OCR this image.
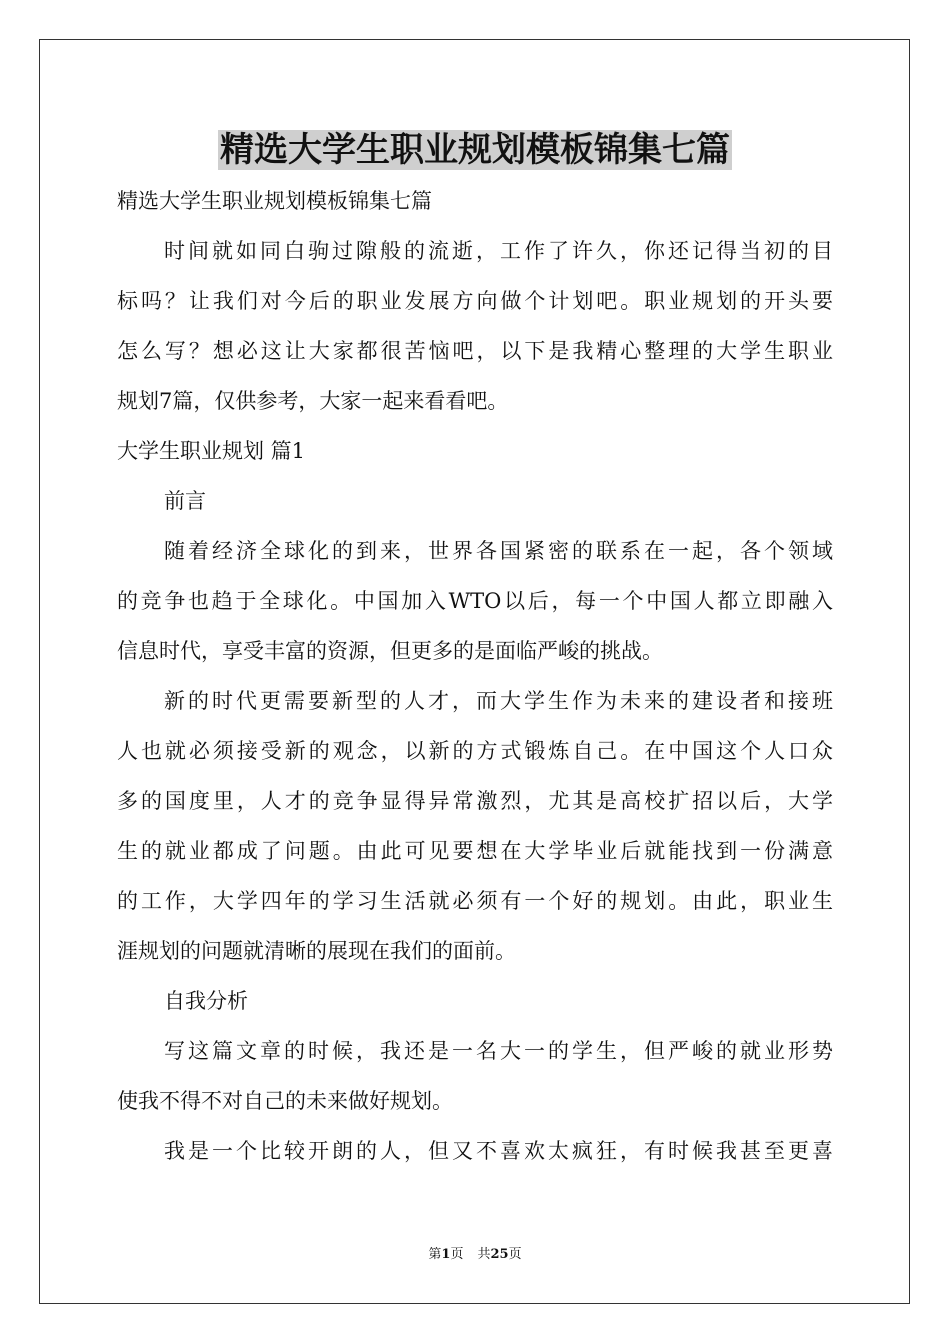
精选大学生职业规划模板锦集七篇
精选大学生职业规划模板锦集七篇
时间就如同白驹过隙般的流逝，工作了许久，你还记得当初的目
标吗？让我们对今后的职业发展方向做个计划吧。职业规划的开头要
怎么写？想必这让大家都很苦恼吧，以下是我精心整理的大学生职业
规划7篇，仅供参考，大家一起来看看吧。
大学生职业规划 篇1
前言
随着经济全球化的到来，世界各国紧密的联系在一起，各个领域
的竞争也趋于全球化。中国加入WTO以后，每一个中国人都立即融入
信息时代，享受丰富的资源，但更多的是面临严峻的挑战。
新的时代更需要新型的人才，而大学生作为未来的建设者和接班
人也就必须接受新的观念，以新的方式锻炼自己。在中国这个人口众
多的国度里，人才的竞争显得异常激烈，尤其是高校扩招以后，大学
生的就业都成了问题。由此可见要想在大学毕业后就能找到一份满意
的工作，大学四年的学习生活就必须有一个好的规划。由此，职业生
涯规划的问题就清晰的展现在我们的面前。
自我分析
写这篇文章的时候，我还是一名大一的学生，但严峻的就业形势
使我不得不对自己的未来做好规划。
我是一个比较开朗的人，但又不喜欢太疯狂，有时候我甚至更喜
第1页 共25页
